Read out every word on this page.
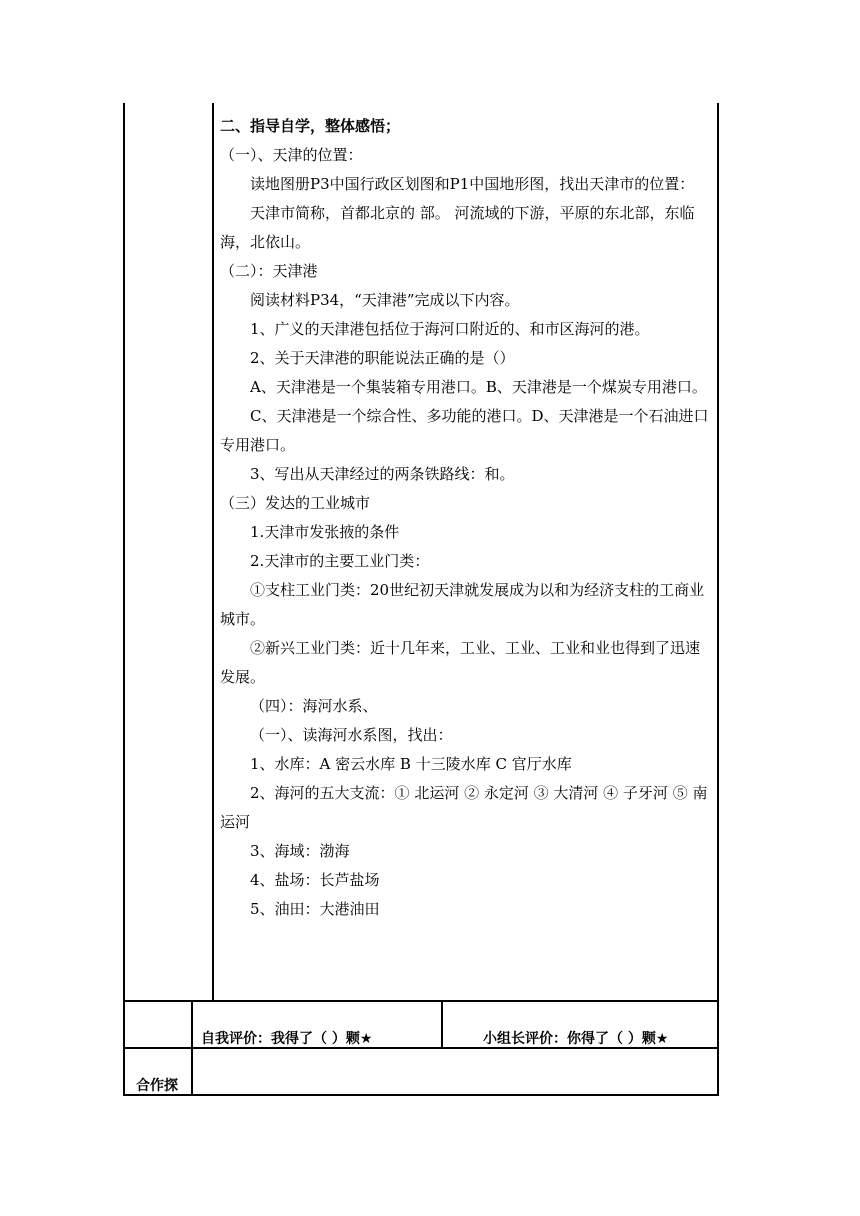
二、指导自学，整体感悟；

（一）、天津的位置：

读地图册P3中国行政区划图和P1中国地形图，找出天津市的位置：

天津市简称，首都北京的 部。 河流域的下游，平原的东北部，东临海，北依山。

（二）：天津港

阅读材料P34，“天津港”完成以下内容。

1、广义的天津港包括位于海河口附近的、和市区海河的港。

2、关于天津港的职能说法正确的是（）

A、天津港是一个集装箱专用港口。B、天津港是一个煤炭专用港口。

C、天津港是一个综合性、多功能的港口。D、天津港是一个石油进口专用港口。

3、写出从天津经过的两条铁路线：和。

（三）发达的工业城市

1.天津市发张掖的条件

2.天津市的主要工业门类：

①支柱工业门类：20世纪初天津就发展成为以和为经济支柱的工商业城市。

②新兴工业门类：近十几年来，工业、工业、工业和业也得到了迅速发展。

（四）：海河水系、

（一）、读海河水系图，找出：

1、水库：A 密云水库 B 十三陵水库 C 官厅水库

2、海河的五大支流：① 北运河 ② 永定河 ③ 大清河 ④ 子牙河 ⑤ 南运河

3、海域：渤海

4、盐场：长芦盐场

5、油田：大港油田

自我评价：我得了（ ）颗★	小组长评价：你得了（ ）颗★
合作探
